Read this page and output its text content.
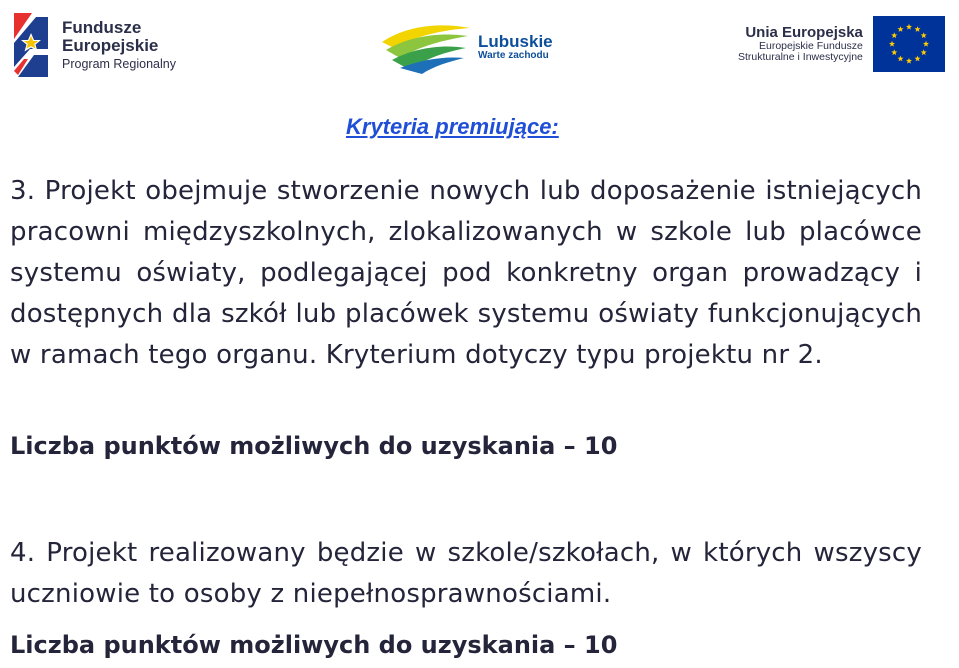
Fundusze
Europejskie
Program Regionalny
Lubuskie
Warte zachodu
Unia Europejska
Europejskie Fundusze
Strukturalne i Inwestycyjne
Kryteria premiujące:
3. Projekt obejmuje stworzenie nowych lub doposażenie istniejących pracowni międzyszkolnych, zlokalizowanych w szkole lub placówce systemu oświaty, podlegającej pod konkretny organ prowadzący i dostępnych dla szkół lub placówek systemu oświaty funkcjonujących w ramach tego organu. Kryterium dotyczy typu projektu nr 2.
Liczba punktów możliwych do uzyskania – 10
4. Projekt realizowany będzie w szkole/szkołach, w których wszyscy uczniowie to osoby z niepełnosprawnościami.
Liczba punktów możliwych do uzyskania – 10
